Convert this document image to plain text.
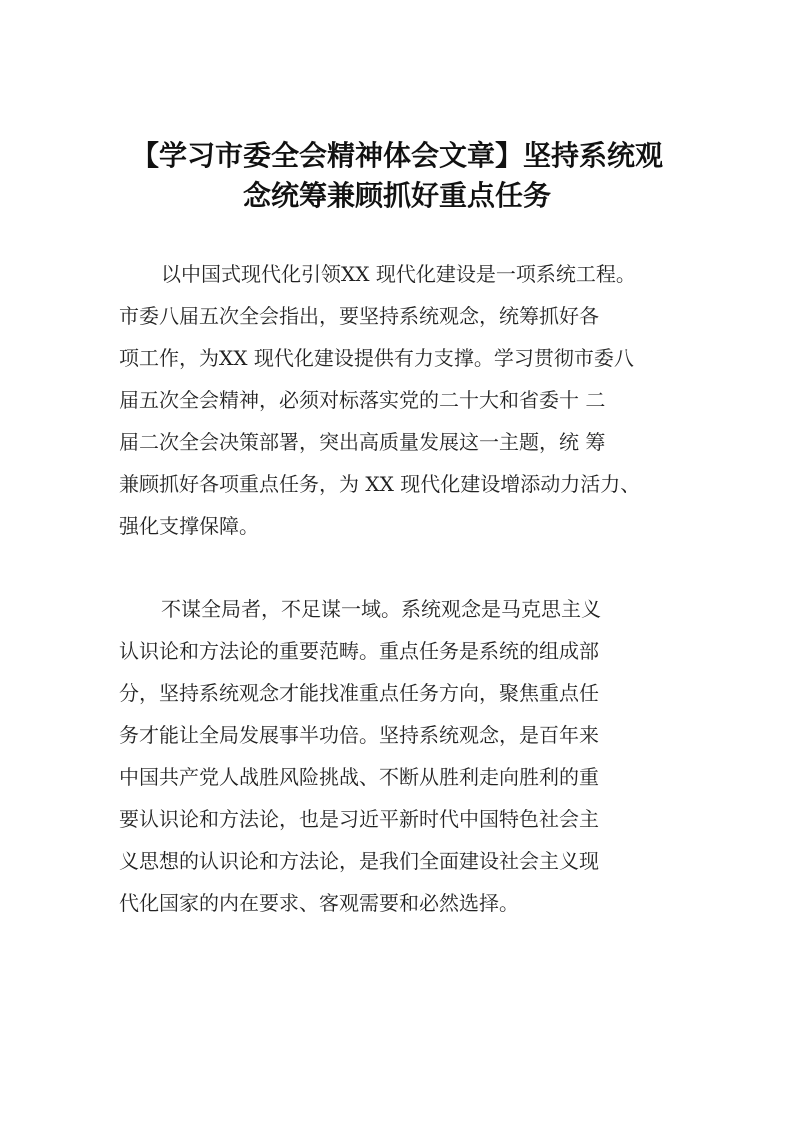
【学习市委全会精神体会文章】坚持系统观
念统筹兼顾抓好重点任务
以中国式现代化引领XX 现代化建设是一项系统工程。
市委八届五次全会指出，要坚持系统观念，统筹抓好各
项工作，为XX 现代化建设提供有力支撑。学习贯彻市委八
届五次全会精神，必须对标落实党的二十大和省委十 二
届二次全会决策部署，突出高质量发展这一主题，统 筹
兼顾抓好各项重点任务，为 XX 现代化建设增添动力活力、
强化支撑保障。
不谋全局者，不足谋一域。系统观念是马克思主义
认识论和方法论的重要范畴。重点任务是系统的组成部
分，坚持系统观念才能找准重点任务方向，聚焦重点任
务才能让全局发展事半功倍。坚持系统观念，是百年来
中国共产党人战胜风险挑战、不断从胜利走向胜利的重
要认识论和方法论，也是习近平新时代中国特色社会主
义思想的认识论和方法论，是我们全面建设社会主义现
代化国家的内在要求、客观需要和必然选择。
